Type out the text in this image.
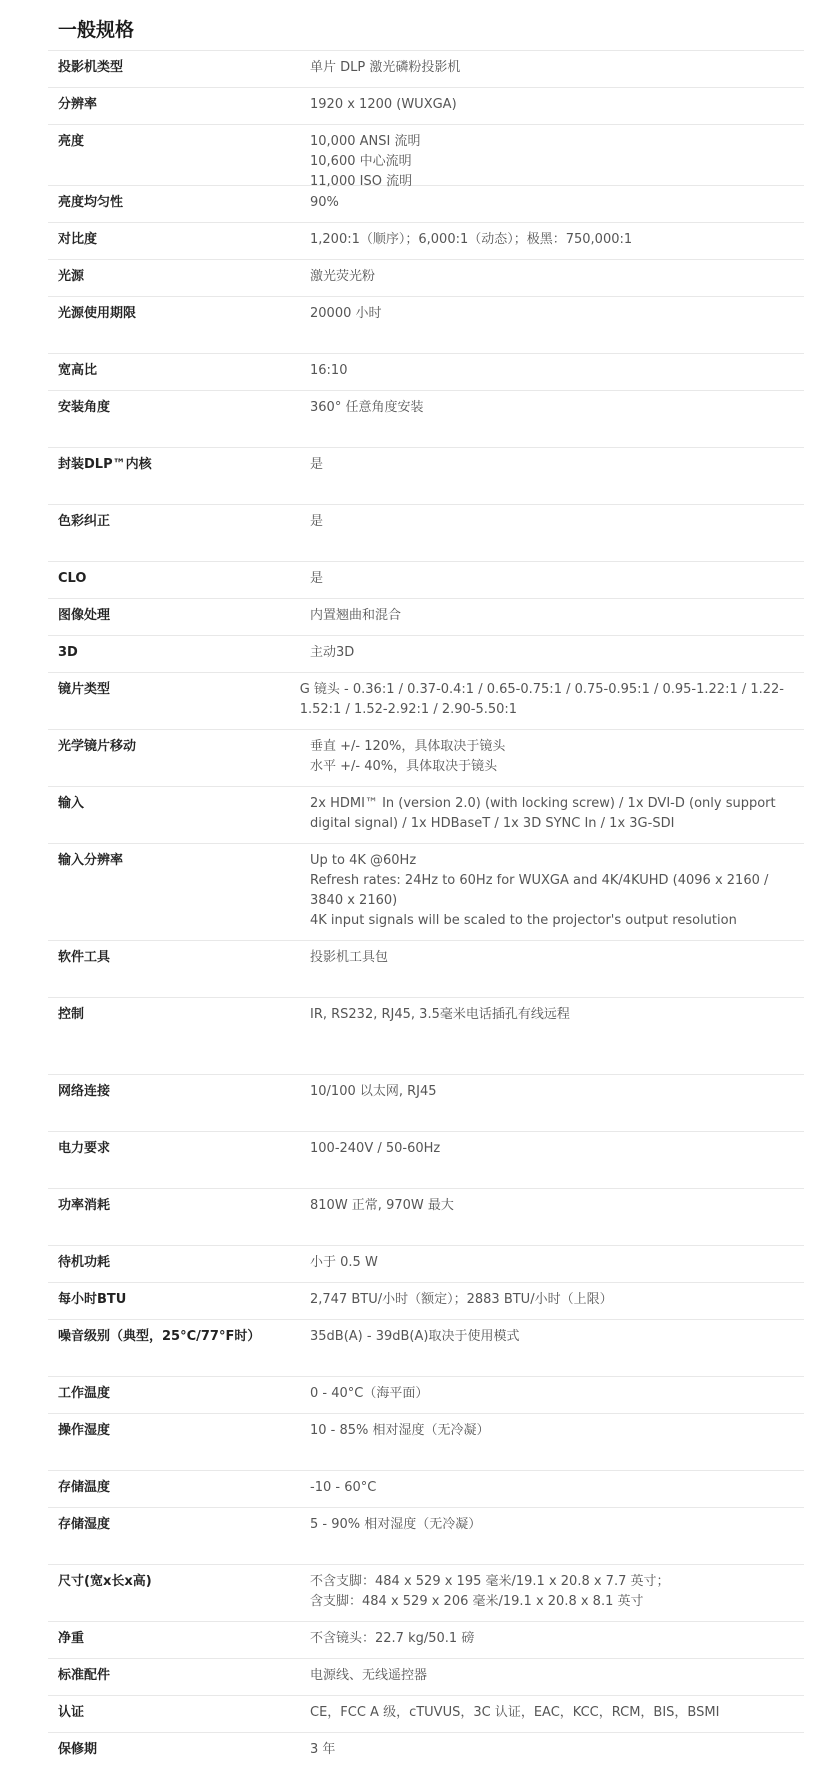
一般规格
投影机类型	单片 DLP 激光磷粉投影机
分辨率	1920 x 1200 (WUXGA)
亮度	10,000 ANSI 流明
10,600 中心流明
11,000 ISO 流明
亮度均匀性	90%
对比度	1,200:1（顺序）；6,000:1（动态）；极黑：750,000:1
光源	激光荧光粉
光源使用期限	20000 小时
宽高比	16:10
安装角度	360° 任意角度安装
封装DLP™内核	是
色彩纠正	是
CLO	是
图像处理	内置翘曲和混合
3D	主动3D
镜片类型	G 镜头 - 0.36:1 / 0.37-0.4:1 / 0.65-0.75:1 / 0.75-0.95:1 / 0.95-1.22:1 / 1.22-
1.52:1 / 1.52-2.92:1 / 2.90-5.50:1
光学镜片移动	垂直 +/- 120%，具体取决于镜头
水平 +/- 40%，具体取决于镜头
输入	2x HDMI™ In (version 2.0) (with locking screw) / 1x DVI-D (only support
digital signal) / 1x HDBaseT / 1x 3D SYNC In / 1x 3G-SDI
输入分辨率	Up to 4K @60Hz
Refresh rates: 24Hz to 60Hz for WUXGA and 4K/4KUHD (4096 x 2160 /
3840 x 2160)
4K input signals will be scaled to the projector's output resolution
软件工具	投影机工具包
控制	IR, RS232, RJ45, 3.5毫米电话插孔有线远程
网络连接	10/100 以太网, RJ45
电力要求	100-240V / 50-60Hz
功率消耗	810W 正常, 970W 最大
待机功耗	小于 0.5 W
每小时BTU	2,747 BTU/小时（额定）；2883 BTU/小时（上限）
噪音级别（典型，25°C/77°F时）	35dB(A) - 39dB(A)取决于使用模式
工作温度	0 - 40°C（海平面）
操作湿度	10 - 85% 相对湿度（无冷凝）
存储温度	-10 - 60°C
存储湿度	5 - 90% 相对湿度（无冷凝）
尺寸(宽x长x高)	不含支脚：484 x 529 x 195 毫米/19.1 x 20.8 x 7.7 英寸；
含支脚：484 x 529 x 206 毫米/19.1 x 20.8 x 8.1 英寸
净重	不含镜头：22.7 kg/50.1 磅
标准配件	电源线、无线遥控器
认证	CE，FCC A 级，cTUVUS，3C 认证，EAC，KCC，RCM，BIS，BSMI
保修期	3 年
